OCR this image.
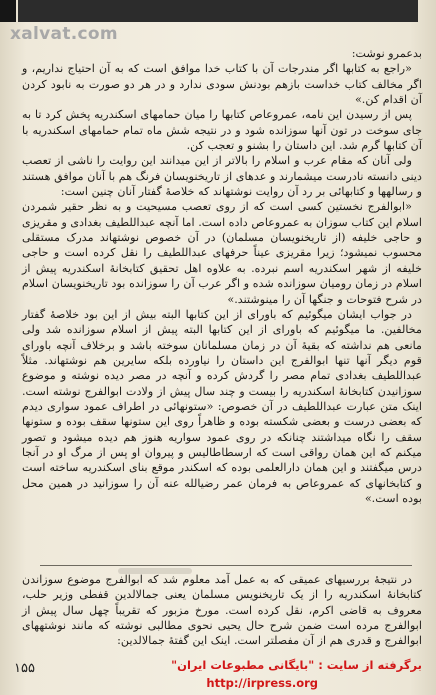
xalvat.com

بدعمرو نوشت:

«راجع به کتابها اگر مندرجات آن با کتاب خدا موافق است که به آن احتیاج نداریم، و اگر مخالف کتاب خداست بازهم بودنش سودی ندارد و در هر دو صورت به نابود کردن آن اقدام کن.»

پس از رسیدن این نامه، عمروعاص کتابها را میان حمامهای اسکندریه پخش کرد تا به جای سوخت در تون آنها سوزانده شود و در نتیجه شش ماه تمام حمامهای اسکندریه با آن کتابها گرم شد. این داستان را بشنو و تعجب کن.

ولی آنان که مقام عرب و اسلام را بالاتر از این میدانند این روایت را ناشی از تعصب دینی دانسته نادرست میشمارند و عدهای از تاریخنویسان فرنگ هم با آنان موافق هستند و رسالهها و کتابهائی بر رد آن روایت نوشتهاند که خلاصهٔ گفتار آنان چنین است:

«ابوالفرج نخستین کسی است که از روی تعصب مسیحیت و به نظر حقیر شمردن اسلام این کتاب سوزان به عمروعاص داده است. اما آنچه عبداللطیف بغدادی و مقریزی و حاجی خلیفه (از تاریخنویسان مسلمان) در آن خصوص نوشتهاند مدرک مستقلی محسوب نمیشود؛ زیرا مقریزی عیناً حرفهای عبداللطیف را نقل کرده است و حاجی خلیفه از شهر اسکندریه اسم نبرده. به علاوه اهل تحقیق کتابخانهٔ اسکندریه پیش از اسلام در زمان رومیان سوزانده شده و اگر عرب آن را سوزانده بود تاریخنویسان اسلام در شرح فتوحات و جنگها آن را مینوشتند.»

در جواب ایشان میگوئیم که باورای از این کتابها البته بیش از این بود خلاصهٔ گفتار مخالفین. ما میگوئیم که باورای از این کتابها البته پیش از اسلام سوزانده شد ولی مانعی هم نداشته که بقیهٔ آن در زمان مسلمانان سوخته باشد و برخلاف آنچه باورای قوم دیگر آنها تنها ابوالفرج این داستان را نیاورده بلکه سایرین هم نوشتهاند. مثلاً عبداللطیف بغدادی تمام مصر را گردش کرده و آنچه در مصر دیده نوشته و موضوع سوزانیدن کتابخانهٔ اسکندریه را بیست و چند سال پیش از ولادت ابوالفرج نوشته است. اینک متن عبارت عبداللطیف در آن خصوص: «ستونهائی در اطراف عمود سواری دیدم که بعضی درست و بعضی شکسته بوده و ظاهراً روی این ستونها سقف بوده و ستونها سقف را نگاه میداشتند چنانکه در روی عمود سواریه هنوز هم دیده میشود و تصور میکنم که این همان رواقی است که ارسطاطالیس و پیروان او پس از مرگ او در آنجا درس میگفتند و این همان دارالعلمی بوده که اسکندر موقع بنای اسکندریه ساخته است و کتابخانهای که عمروعاص به فرمان عمر رضیالله عنه آن را سوزانید در همین محل بوده است.»

در نتیجهٔ بررسیهای عمیقی که به عمل آمد معلوم شد که ابوالفرج موضوع سوزاندن کتابخانهٔ اسکندریه را از یک تاریخنویس مسلمان یعنی جمالالدین قفطی وزیر حلب، معروف به قاضی اکرم، نقل کرده است. مورخ مزبور که تقریباً چهل سال پیش از ابوالفرج مرده است ضمن شرح حال یحیی نحوی مطالبی نوشته که مانند نوشتههای ابوالفرج و قدری هم از آن مفصلتر است. اینک این گفتهٔ جمالالدین:

۱۵۵	برگرفته از سایت : "بایگانی مطبوعات ایران"
http://irpress.org
